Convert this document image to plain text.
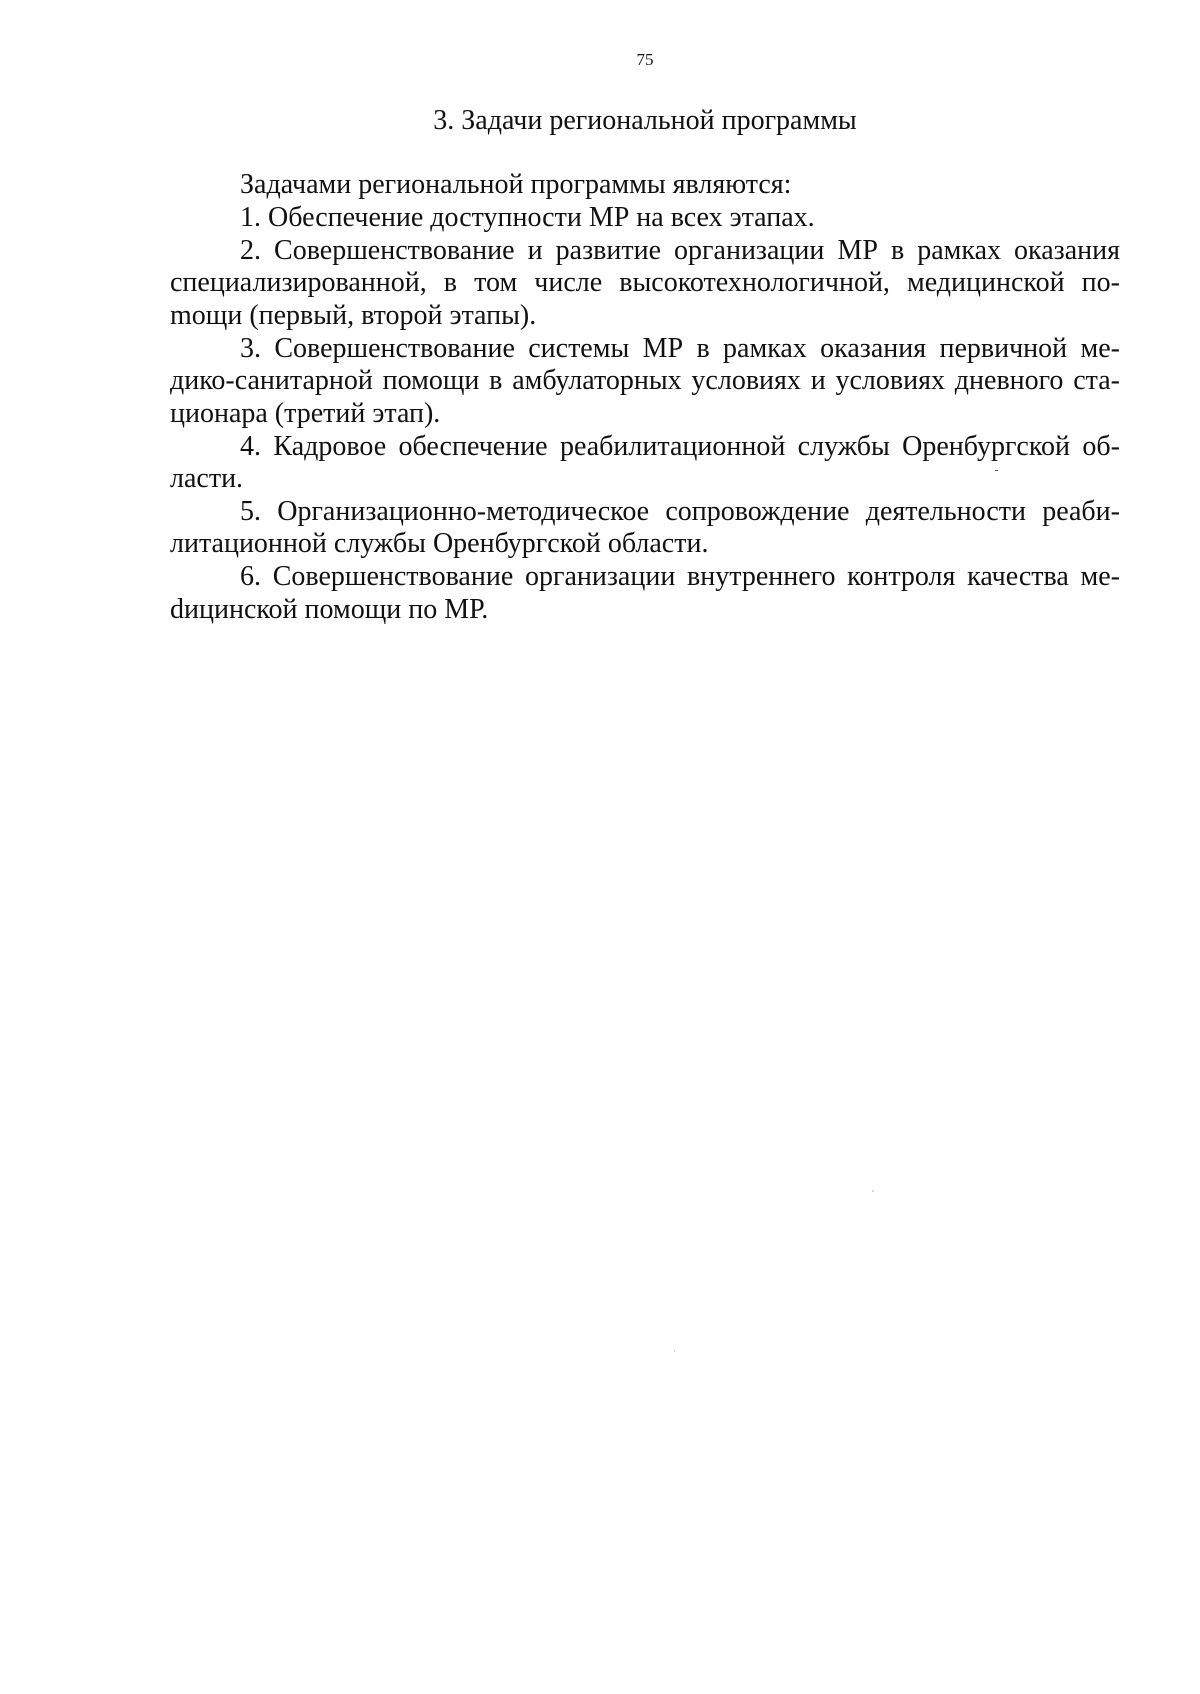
75
3. Задачи региональной программы

Задачами региональной программы являются:

1. Обеспечение доступности МР на всех этапах.

2. Совершенствование и развитие организации МР в рамках оказания специализированной, в том числе высокотехнологичной, медицинской поmощи (первый, второй этапы).

3. Совершенствование системы МР в рамках оказания первичной медико-санитарной помощи в амбулаторных условиях и условиях дневного стационара (третий этап).

4. Кадровое обеспечение реабилитационной службы Оренбургской области.

5. Организационно-методическое сопровождение деятельности реабилитационной службы Оренбургской области.

6. Совершенствование организации внутреннего контроля качества меdицинской помощи по МР.
